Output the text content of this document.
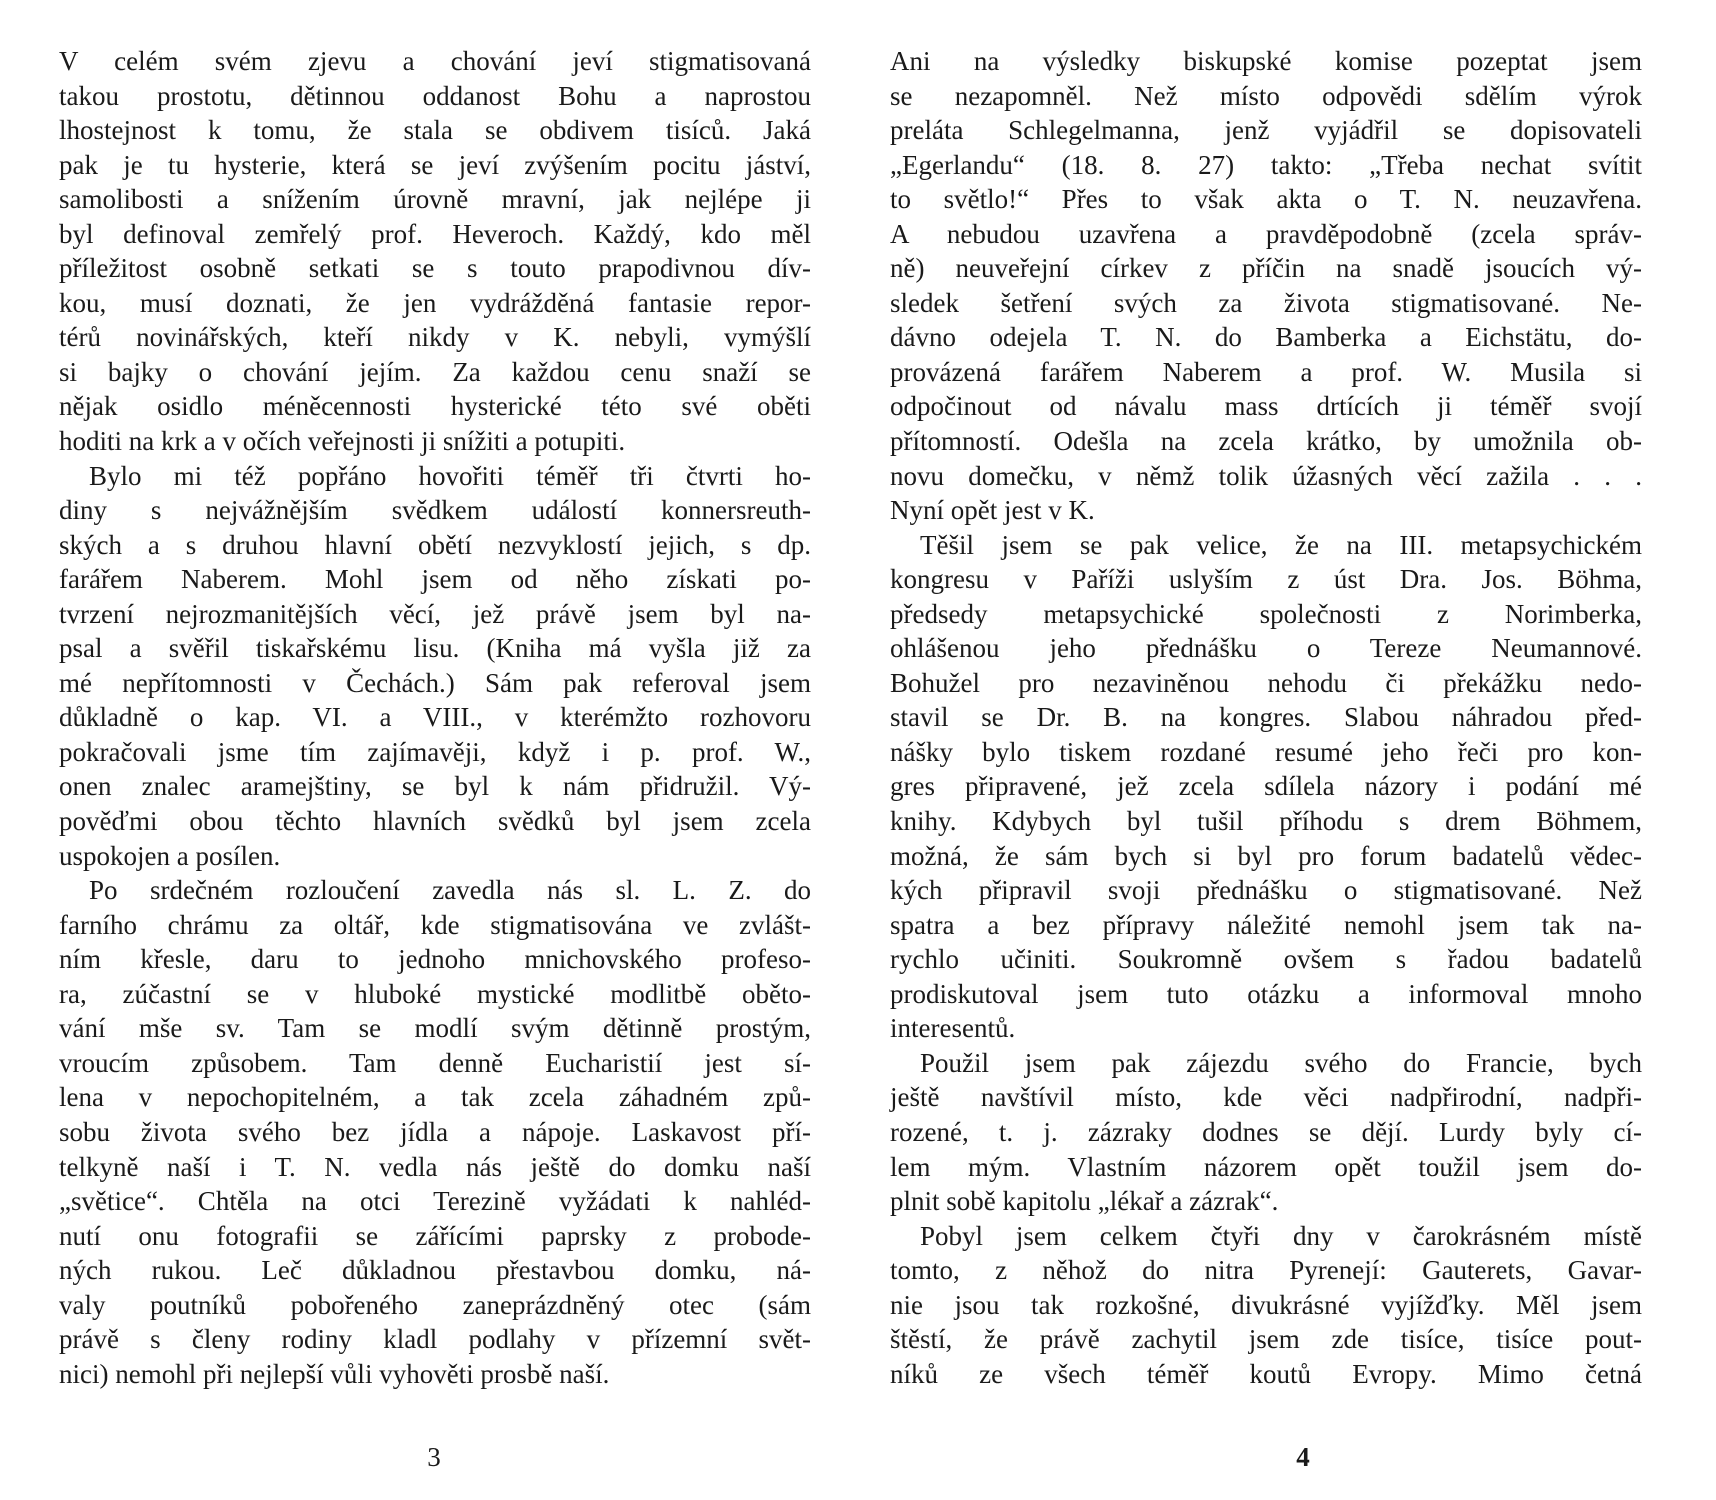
V celém svém zjevu a chování jeví stigmatisovaná
takou prostotu, dětinnou oddanost Bohu a naprostou
lhostejnost k tomu, že stala se obdivem tisíců. Jaká
pak je tu hysterie, která se jeví zvýšením pocitu jáství,
samolibosti a snížením úrovně mravní, jak nejlépe ji
byl definoval zemřelý prof. Heveroch. Každý, kdo měl
příležitost osobně setkati se s touto prapodivnou dív-
kou, musí doznati, že jen vydrážděná fantasie repor-
térů novinářských, kteří nikdy v K. nebyli, vymýšlí
si bajky o chování jejím. Za každou cenu snaží se
nějak osidlo méněcennosti hysterické této své oběti
hoditi na krk a v očích veřejnosti ji snížiti a potupiti.
Bylo mi též popřáno hovořiti téměř tři čtvrti ho-
diny s nejvážnějším svědkem událostí konnersreuth-
ských a s druhou hlavní obětí nezvyklostí jejich, s dp.
farářem Naberem. Mohl jsem od něho získati po-
tvrzení nejrozmanitějších věcí, jež právě jsem byl na-
psal a svěřil tiskařskému lisu. (Kniha má vyšla již za
mé nepřítomnosti v Čechách.) Sám pak referoval jsem
důkladně o kap. VI. a VIII., v kterémžto rozhovoru
pokračovali jsme tím zajímavěji, když i p. prof. W.,
onen znalec aramejštiny, se byl k nám přidružil. Vý-
pověďmi obou těchto hlavních svědků byl jsem zcela
uspokojen a posílen.
Po srdečném rozloučení zavedla nás sl. L. Z. do
farního chrámu za oltář, kde stigmatisována ve zvlášt-
ním křesle, daru to jednoho mnichovského profeso-
ra, zúčastní se v hluboké mystické modlitbě oběto-
vání mše sv. Tam se modlí svým dětinně prostým,
vroucím způsobem. Tam denně Eucharistií jest sí-
lena v nepochopitelném, a tak zcela záhadném způ-
sobu života svého bez jídla a nápoje. Laskavost pří-
telkyně naší i T. N. vedla nás ještě do domku naší
„světice“. Chtěla na otci Terezině vyžádati k nahléd-
nutí onu fotografii se zářícími paprsky z probode-
ných rukou. Leč důkladnou přestavbou domku, ná-
valy poutníků pobořeného zaneprázdněný otec (sám
právě s členy rodiny kladl podlahy v přízemní svět-
nici) nemohl při nejlepší vůli vyhověti prosbě naší.
3
Ani na výsledky biskupské komise pozeptat jsem
se nezapomněl. Než místo odpovědi sdělím výrok
preláta Schlegelmanna, jenž vyjádřil se dopisovateli
„Egerlandu“ (18. 8. 27) takto: „Třeba nechat svítit
to světlo!“ Přes to však akta o T. N. neuzavřena.
A nebudou uzavřena a pravděpodobně (zcela správ-
ně) neuveřejní církev z příčin na snadě jsoucích vý-
sledek šetření svých za života stigmatisované. Ne-
dávno odejela T. N. do Bamberka a Eichstätu, do-
provázená farářem Naberem a prof. W. Musila si
odpočinout od návalu mass drtících ji téměř svojí
přítomností. Odešla na zcela krátko, by umožnila ob-
novu domečku, v němž tolik úžasných věcí zažila . . .
Nyní opět jest v K.
Těšil jsem se pak velice, že na III. metapsychickém
kongresu v Paříži uslyším z úst Dra. Jos. Böhma,
předsedy metapsychické společnosti z Norimberka,
ohlášenou jeho přednášku o Tereze Neumannové.
Bohužel pro nezaviněnou nehodu či překážku nedo-
stavil se Dr. B. na kongres. Slabou náhradou před-
nášky bylo tiskem rozdané resumé jeho řeči pro kon-
gres připravené, jež zcela sdílela názory i podání mé
knihy. Kdybych byl tušil příhodu s drem Böhmem,
možná, že sám bych si byl pro forum badatelů vědec-
kých připravil svoji přednášku o stigmatisované. Než
spatra a bez přípravy náležité nemohl jsem tak na-
rychlo učiniti. Soukromně ovšem s řadou badatelů
prodiskutoval jsem tuto otázku a informoval mnoho
interesentů.
Použil jsem pak zájezdu svého do Francie, bych
ještě navštívil místo, kde věci nadpřirodní, nadpři-
rozené, t. j. zázraky dodnes se dějí. Lurdy byly cí-
lem mým. Vlastním názorem opět toužil jsem do-
plnit sobě kapitolu „lékař a zázrak“.
Pobyl jsem celkem čtyři dny v čarokrásném místě
tomto, z něhož do nitra Pyrenejí: Gauterets, Gavar-
nie jsou tak rozkošné, divukrásné vyjížďky. Měl jsem
štěstí, že právě zachytil jsem zde tisíce, tisíce pout-
níků ze všech téměř koutů Evropy. Mimo četná
4
